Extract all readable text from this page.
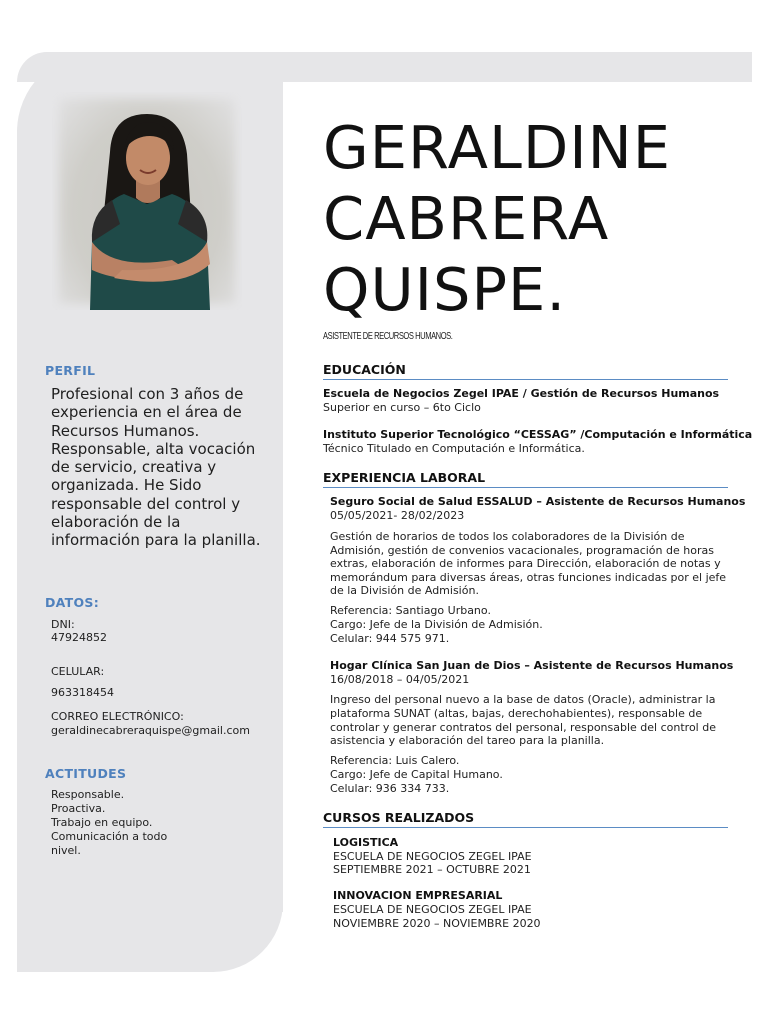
PERFIL
Profesional con 3 años de experiencia en el área de Recursos Humanos. Responsable, alta vocación de servicio, creativa y organizada. He Sido responsable del control y elaboración de la información para la planilla.
DATOS:
DNI:
47924852
CELULAR:
963318454
CORREO ELECTRÓNICO:
geraldinecabreraquispe@gmail.com
ACTITUDES
Responsable.
Proactiva.
Trabajo en equipo.
Comunicación a todo
nivel.
GERALDINE
CABRERA
QUISPE.
ASISTENTE DE RECURSOS HUMANOS.
EDUCACIÓN
Escuela de Negocios Zegel IPAE / Gestión de Recursos Humanos
Superior en curso – 6to Ciclo
Instituto Superior Tecnológico “CESSAG” /Computación e Informática
Técnico Titulado en Computación e Informática.
EXPERIENCIA LABORAL
Seguro Social de Salud ESSALUD – Asistente de Recursos Humanos
05/05/2021- 28/02/2023
Gestión de horarios de todos los colaboradores de la División de
Admisión, gestión de convenios vacacionales, programación de horas
extras, elaboración de informes para Dirección, elaboración de notas y
memorándum para diversas áreas, otras funciones indicadas por el jefe
de la División de Admisión.
Referencia: Santiago Urbano.
Cargo: Jefe de la División de Admisión.
Celular: 944 575 971.
Hogar Clínica San Juan de Dios – Asistente de Recursos Humanos
16/08/2018 – 04/05/2021
Ingreso del personal nuevo a la base de datos (Oracle), administrar la
plataforma SUNAT (altas, bajas, derechohabientes), responsable de
controlar y generar contratos del personal, responsable del control de
asistencia y elaboración del tareo para la planilla.
Referencia: Luis Calero.
Cargo: Jefe de Capital Humano.
Celular: 936 334 733.
CURSOS REALIZADOS
LOGISTICA
ESCUELA DE NEGOCIOS ZEGEL IPAE
SEPTIEMBRE 2021 – OCTUBRE 2021
INNOVACION EMPRESARIAL
ESCUELA DE NEGOCIOS ZEGEL IPAE
NOVIEMBRE 2020 – NOVIEMBRE 2020
